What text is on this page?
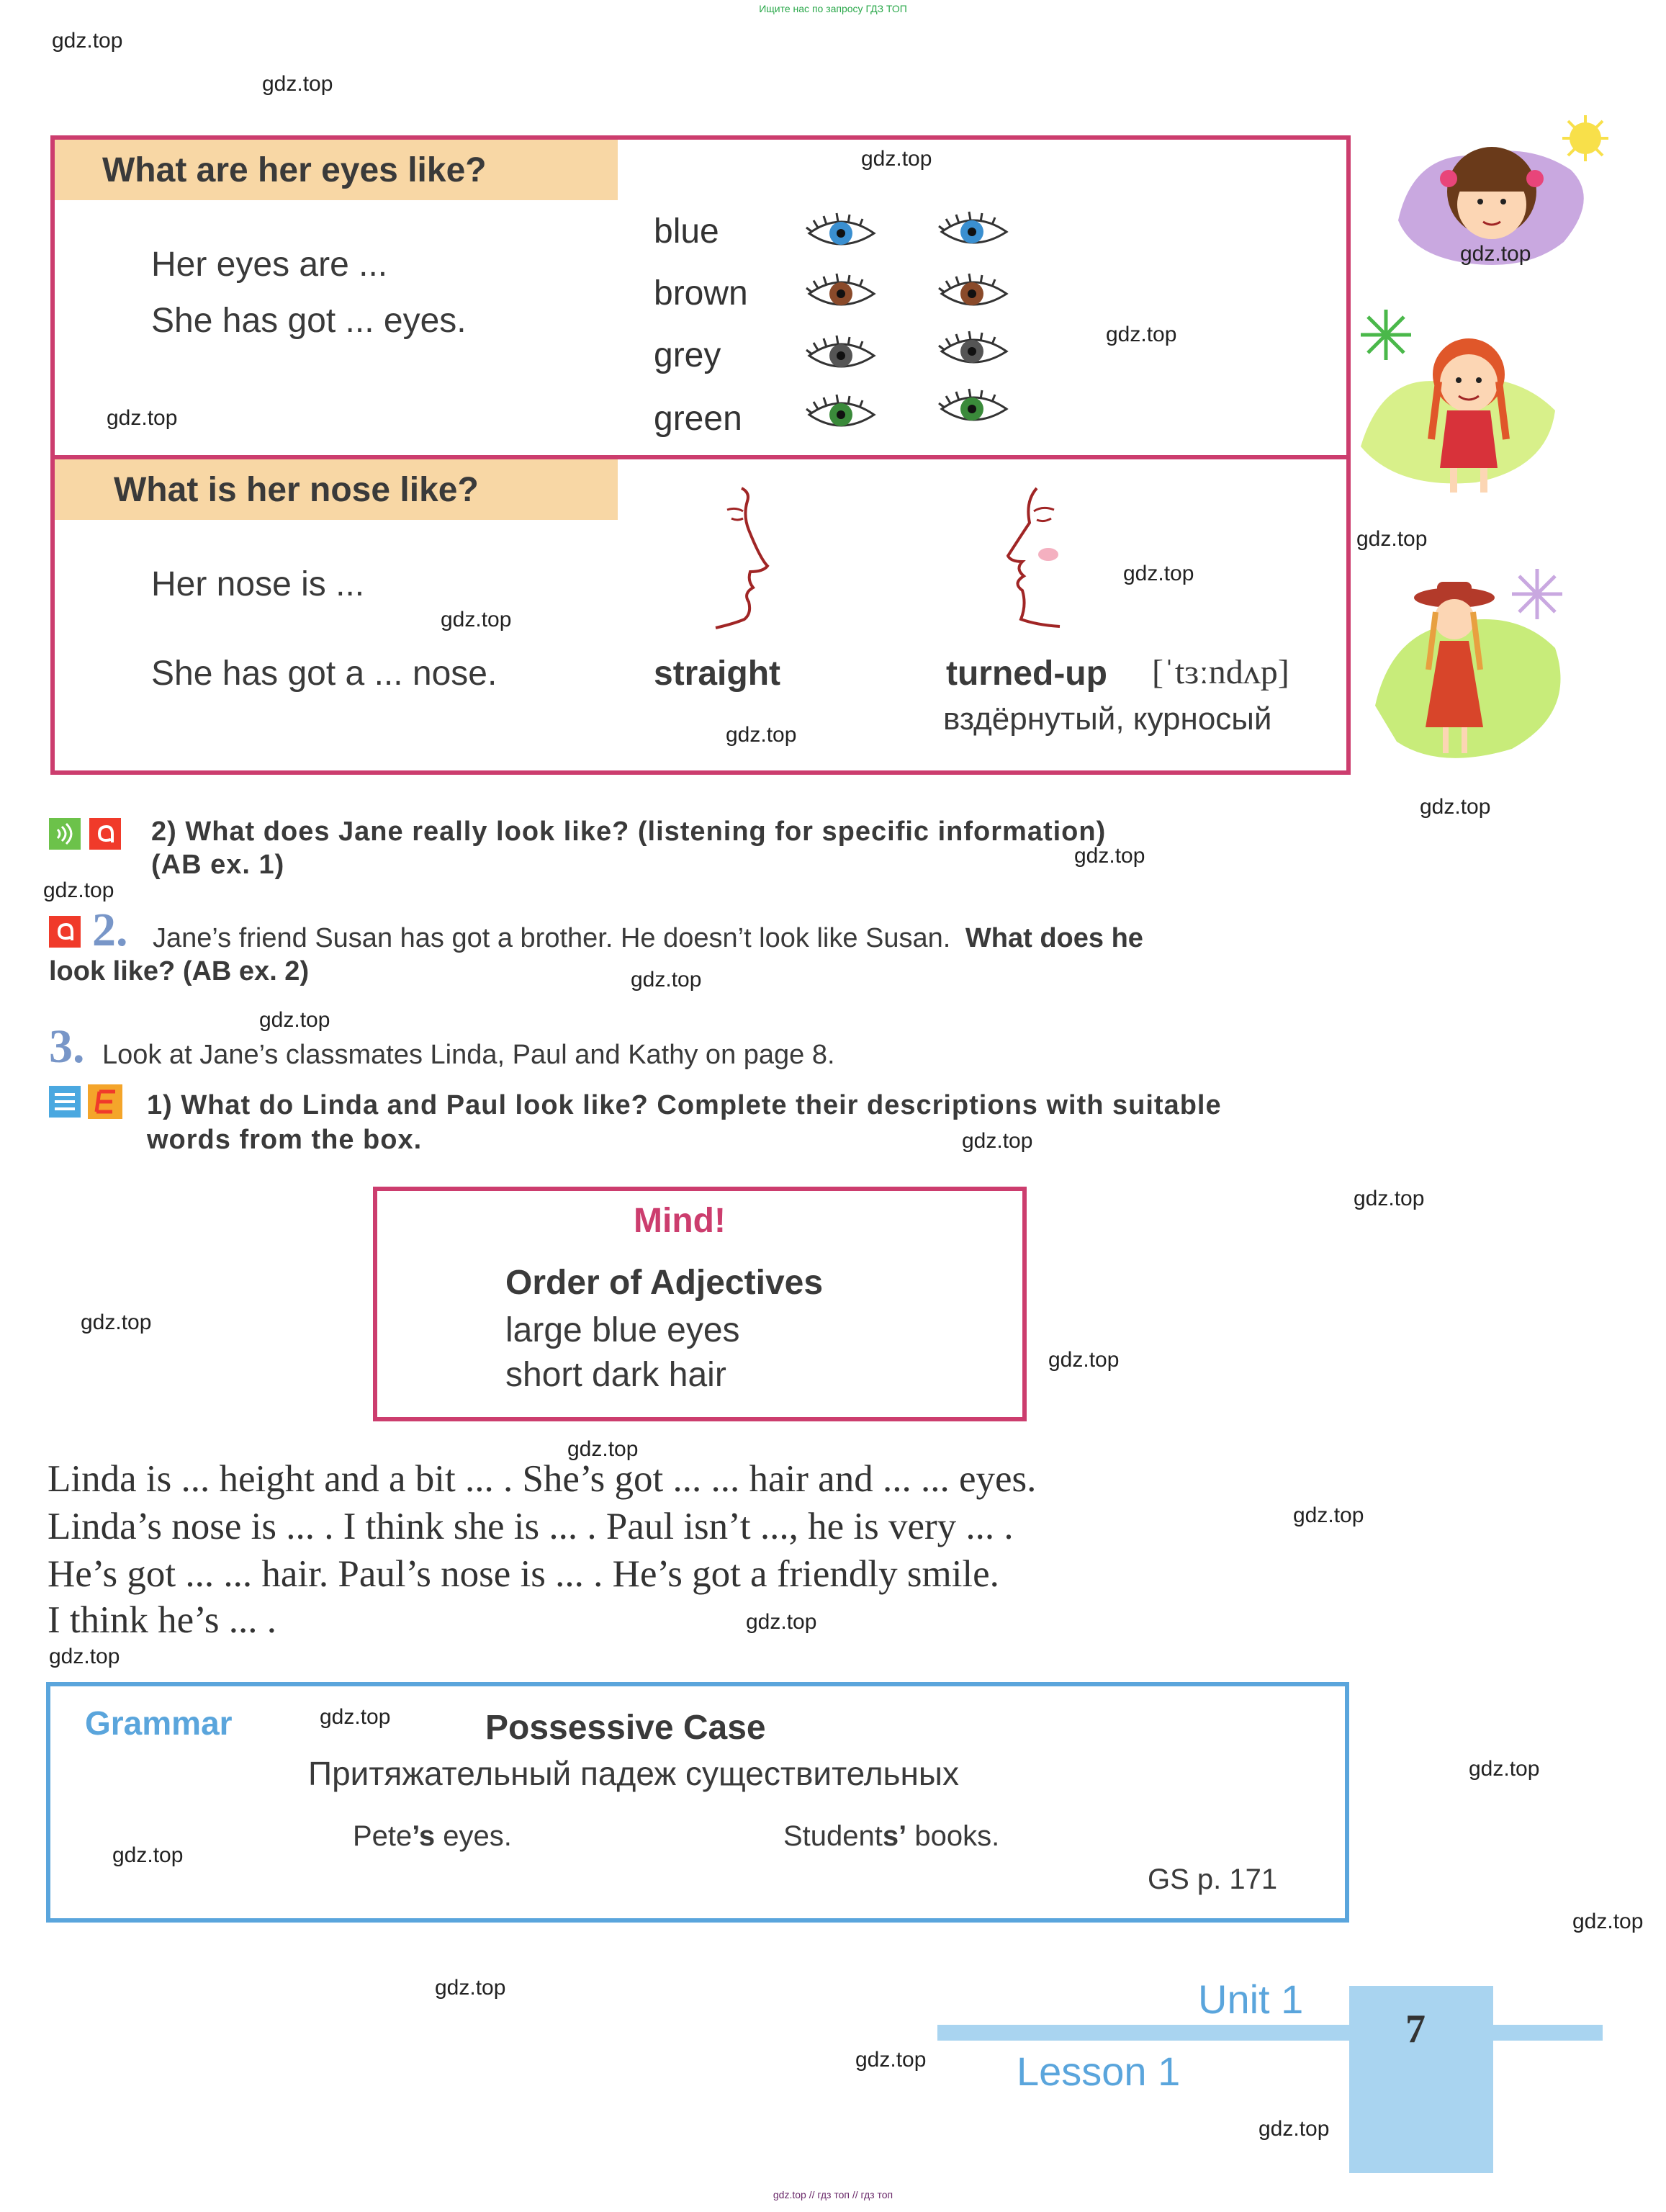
Ищите нас по запросу ГДЗ ТОП
gdz.top // гдз топ // гдз топ
What are her eyes like?
Her eyes are ...
She has got ... eyes.
blue
brown
grey
green
What is her nose like?
Her nose is ...
She has got a ... nose.	straight	turned-up [ˈtɜːndʌp]
вздёрнутый, курносый
2) What does Jane really look like? (listening for specific information)
(AB ex. 1)
2. Jane’s friend Susan has got a brother. He doesn’t look like Susan. What does he
look like? (AB ex. 2)
3. Look at Jane’s classmates Linda, Paul and Kathy on page 8.
1) What do Linda and Paul look like? Complete their descriptions with suitable
words from the box.
Mind!
Order of Adjectives
large blue eyes
short dark hair
Linda is ... height and a bit ... . She’s got ... ... hair and ... ... eyes.
Linda’s nose is ... . I think she is ... . Paul isn’t ..., he is very ... .
He’s got ... ... hair. Paul’s nose is ... . He’s got a friendly smile.
I think he’s ... .
Grammar	Possessive Case
Притяжательный падеж существительных
Pete’s eyes.	Students’ books.
GS p. 171
Unit 1
Lesson 1
7
gdz.top
gdz.top
gdz.top
gdz.top
gdz.top
gdz.top
gdz.top
gdz.top
gdz.top
gdz.top
gdz.top
gdz.top
gdz.top
gdz.top
gdz.top
gdz.top
gdz.top
gdz.top
gdz.top
gdz.top
gdz.top
gdz.top
gdz.top
gdz.top
gdz.top
gdz.top
gdz.top
gdz.top
gdz.top
gdz.top
